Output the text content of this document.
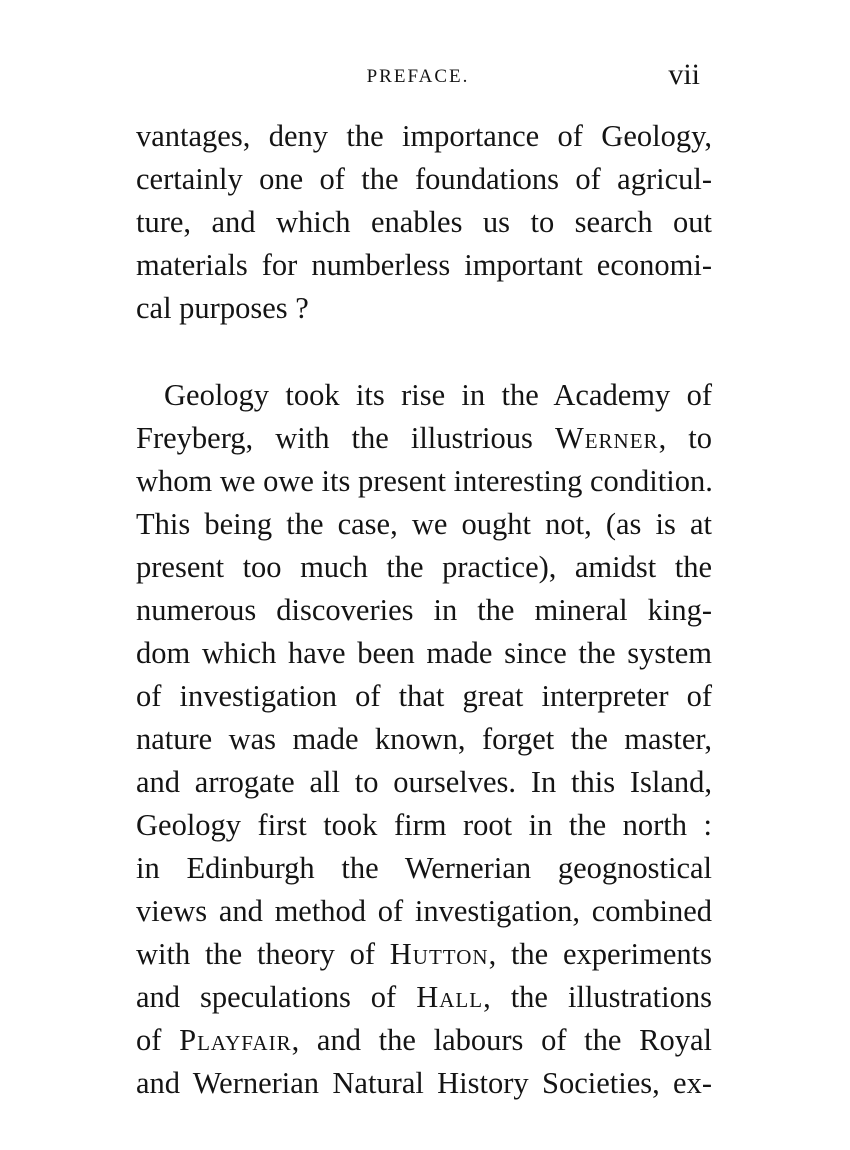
PREFACE.	vii
vantages, deny the importance of Geology,
certainly one of the foundations of agricul-
ture, and which enables us to search out
materials for numberless important economi-
cal purposes ?
Geology took its rise in the Academy of
Freyberg, with the illustrious Werner, to
whom we owe its present interesting condition.
This being the case, we ought not, (as is at
present too much the practice), amidst the
numerous discoveries in the mineral king-
dom which have been made since the system
of investigation of that great interpreter of
nature was made known, forget the master,
and arrogate all to ourselves. In this Island,
Geology first took firm root in the north :
in Edinburgh the Wernerian geognostical
views and method of investigation, combined
with the theory of Hutton, the experiments
and speculations of Hall, the illustrations
of Playfair, and the labours of the Royal
and Wernerian Natural History Societies, ex-
